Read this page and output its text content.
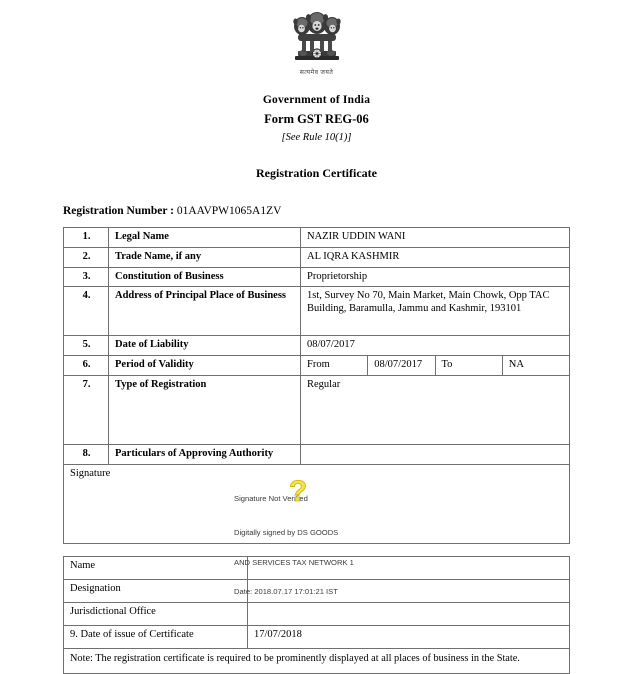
सत्यमेव जयते
Government of India
Form GST REG-06
[See Rule 10(1)]
Registration Certificate
Registration Number : 01AAVPW1065A1ZV
1.	Legal Name	NAZIR UDDIN WANI			
2.	Trade Name, if any	AL IQRA KASHMIR			
3.	Constitution of Business	Proprietorship			
4.	Address of Principal Place of Business	1st, Survey No 70, Main Market, Main Chowk, Opp TAC Building, Baramulla, Jammu and Kashmir, 193101			
5.	Date of Liability	08/07/2017			
6.	Period of Validity	From	08/07/2017	To	NA
7.	Type of Registration	Regular			

8.	Particulars of Approving Authority				
Signature

Signature Not Verified

Digitally signed by DS GOODS

AND SERVICES TAX NETWORK 1

Date: 2018.07.17 17:01:21 IST

?
Name	
Designation	
Jurisdictional Office	
9. Date of issue of Certificate	17/07/2018
Note: The registration certificate is required to be prominently displayed at all places of business in the State.	
